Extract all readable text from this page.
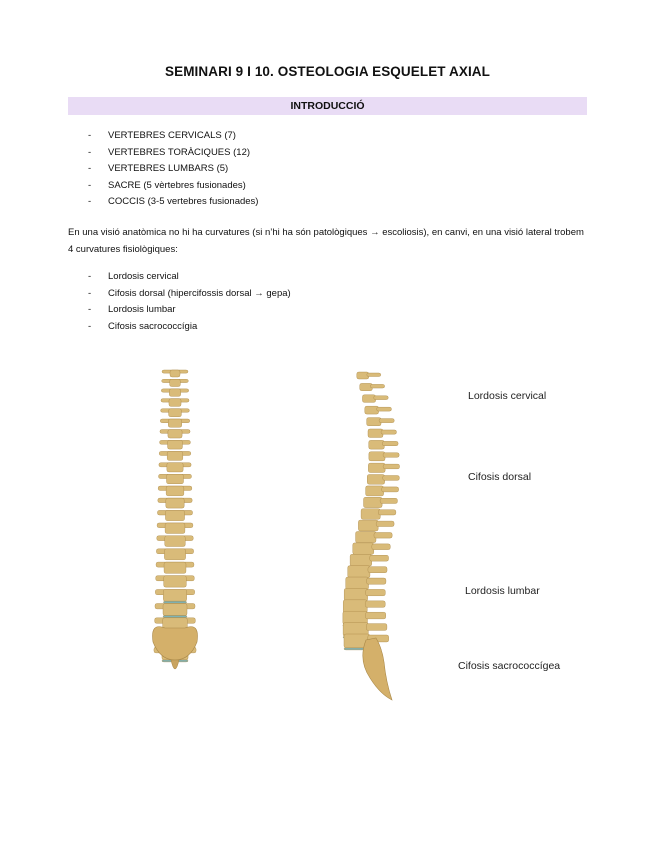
SEMINARI 9 I 10. OSTEOLOGIA ESQUELET AXIAL
INTRODUCCIÓ
- VERTEBRES CERVICALS (7)
- VERTEBRES TORÀCIQUES (12)
- VERTEBRES LUMBARS (5)
- SACRE (5 vèrtebres fusionades)
- COCCIS (3-5 vertebres fusionades)
En una visió anatòmica no hi ha curvatures (si n’hi ha són patològiques → escoliosis), en canvi, en una visió lateral trobem 4 curvatures fisiològiques:
- Lordosis cervical
- Cifosis dorsal (hipercifossis dorsal → gepa)
- Lordosis lumbar
- Cifosis sacrococcígia
Lordosis cervical
Cifosis dorsal
Lordosis lumbar
Cifosis sacrococcígea
